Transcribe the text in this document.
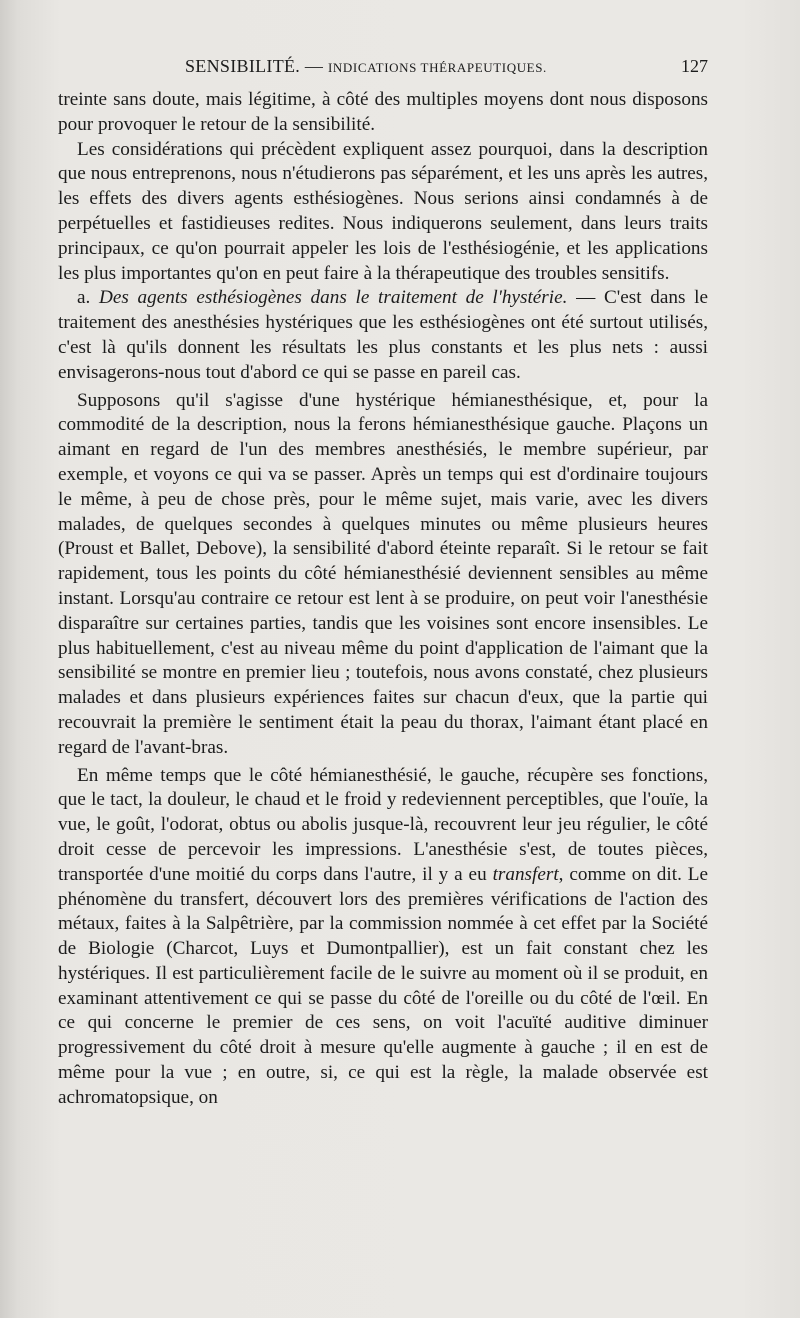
SENSIBILITÉ. — INDICATIONS THÉRAPEUTIQUES.	127

treinte sans doute, mais légitime, à côté des multiples moyens dont nous disposons pour provoquer le retour de la sensibilité.

Les considérations qui précèdent expliquent assez pourquoi, dans la description que nous entreprenons, nous n'étudierons pas séparément, et les uns après les autres, les effets des divers agents esthésiogènes. Nous serions ainsi condamnés à de perpétuelles et fastidieuses redites. Nous indiquerons seulement, dans leurs traits principaux, ce qu'on pourrait appeler les lois de l'esthésiogénie, et les applications les plus importantes qu'on en peut faire à la thérapeutique des troubles sensitifs.

a. Des agents esthésiogènes dans le traitement de l'hystérie. — C'est dans le traitement des anesthésies hystériques que les esthésiogènes ont été surtout utilisés, c'est là qu'ils donnent les résultats les plus constants et les plus nets : aussi envisagerons-nous tout d'abord ce qui se passe en pareil cas.

Supposons qu'il s'agisse d'une hystérique hémianesthésique, et, pour la commodité de la description, nous la ferons hémianesthésique gauche. Plaçons un aimant en regard de l'un des membres anesthésiés, le membre supérieur, par exemple, et voyons ce qui va se passer. Après un temps qui est d'ordinaire toujours le même, à peu de chose près, pour le même sujet, mais varie, avec les divers malades, de quelques secondes à quelques minutes ou même plusieurs heures (Proust et Ballet, Debove), la sensibilité d'abord éteinte reparaît. Si le retour se fait rapidement, tous les points du côté hémianesthésié deviennent sensibles au même instant. Lorsqu'au contraire ce retour est lent à se produire, on peut voir l'anesthésie disparaître sur certaines parties, tandis que les voisines sont encore insensibles. Le plus habituellement, c'est au niveau même du point d'application de l'aimant que la sensibilité se montre en premier lieu ; toutefois, nous avons constaté, chez plusieurs malades et dans plusieurs expériences faites sur chacun d'eux, que la partie qui recouvrait la première le sentiment était la peau du thorax, l'aimant étant placé en regard de l'avant-bras.

En même temps que le côté hémianesthésié, le gauche, récupère ses fonctions, que le tact, la douleur, le chaud et le froid y redeviennent perceptibles, que l'ouïe, la vue, le goût, l'odorat, obtus ou abolis jusque-là, recouvrent leur jeu régulier, le côté droit cesse de percevoir les impressions. L'anesthésie s'est, de toutes pièces, transportée d'une moitié du corps dans l'autre, il y a eu transfert, comme on dit. Le phénomène du transfert, découvert lors des premières vérifications de l'action des métaux, faites à la Salpêtrière, par la commission nommée à cet effet par la Société de Biologie (Charcot, Luys et Dumontpallier), est un fait constant chez les hystériques. Il est particulièrement facile de le suivre au moment où il se produit, en examinant attentivement ce qui se passe du côté de l'oreille ou du côté de l'œil. En ce qui concerne le premier de ces sens, on voit l'acuïté auditive diminuer progressivement du côté droit à mesure qu'elle augmente à gauche ; il en est de même pour la vue ; en outre, si, ce qui est la règle, la malade observée est achromatopsique, on
